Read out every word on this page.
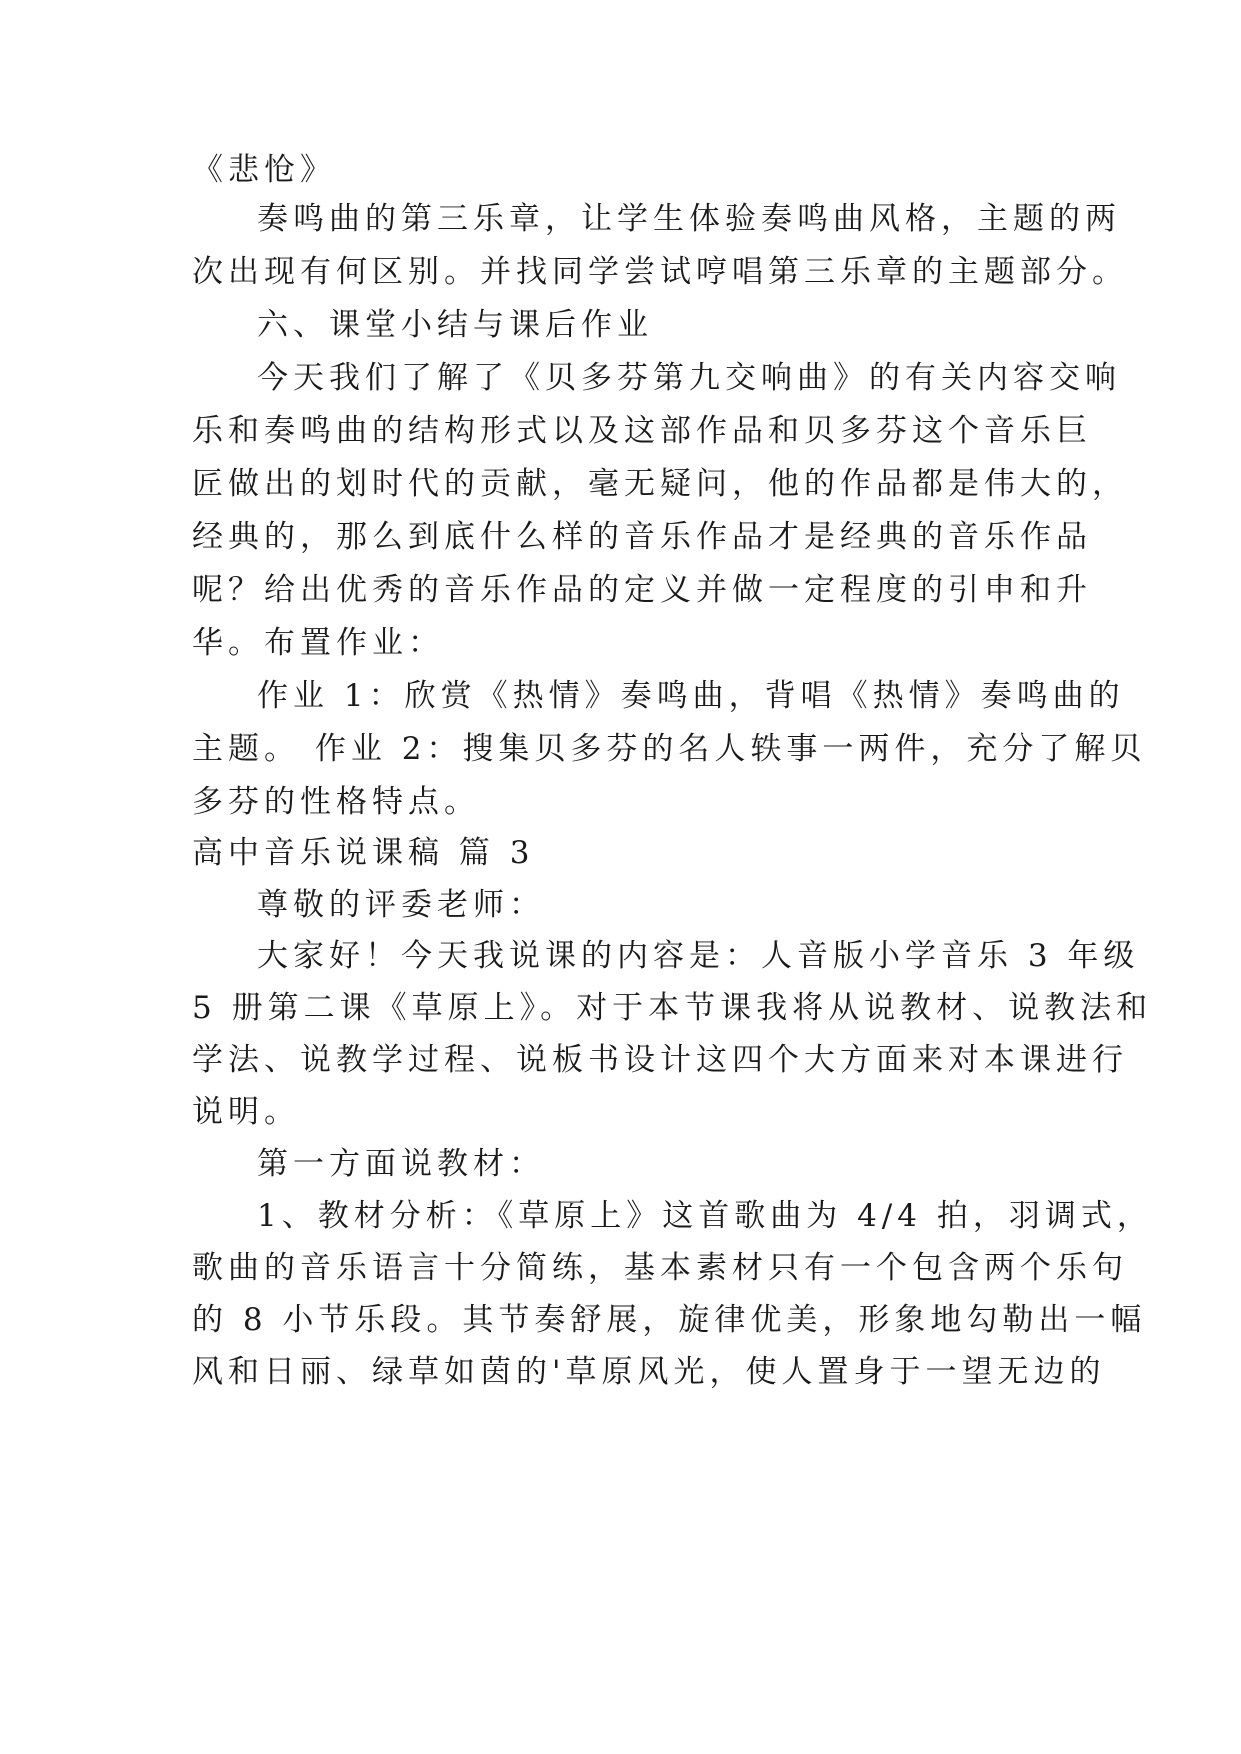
《悲怆》
奏鸣曲的第三乐章，让学生体验奏鸣曲风格，主题的两
次出现有何区别。并找同学尝试哼唱第三乐章的主题部分。
六、课堂小结与课后作业
今天我们了解了《贝多芬第九交响曲》的有关内容交响
乐和奏鸣曲的结构形式以及这部作品和贝多芬这个音乐巨
匠做出的划时代的贡献，毫无疑问，他的作品都是伟大的，
经典的，那么到底什么样的音乐作品才是经典的音乐作品
呢？给出优秀的音乐作品的定义并做一定程度的引申和升
华。布置作业：
作业 1：欣赏《热情》奏鸣曲，背唱《热情》奏鸣曲的
主题。 作业 2：搜集贝多芬的名人轶事一两件，充分了解贝
多芬的性格特点。
高中音乐说课稿 篇 3
尊敬的评委老师：
大家好！今天我说课的内容是：人音版小学音乐 3 年级
5 册第二课《草原上》。对于本节课我将从说教材、说教法和
学法、说教学过程、说板书设计这四个大方面来对本课进行
说明。
第一方面说教材：
1、教材分析：《草原上》这首歌曲为 4/4 拍，羽调式，
歌曲的音乐语言十分简练，基本素材只有一个包含两个乐句
的 8 小节乐段。其节奏舒展，旋律优美，形象地勾勒出一幅
风和日丽、绿草如茵的'草原风光，使人置身于一望无边的
